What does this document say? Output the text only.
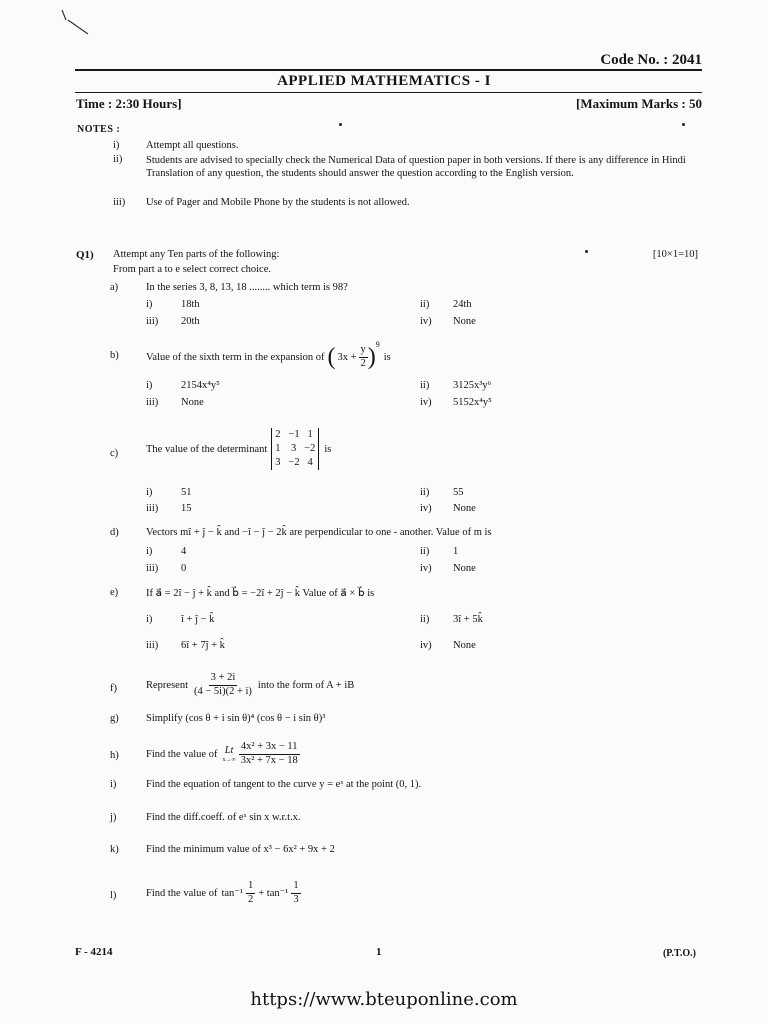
Code No. : 2041
APPLIED MATHEMATICS - I
Time : 2:30 Hours]	[Maximum Marks : 50
NOTES :
i)	Attempt all questions.
ii) Students are advised to specially check the Numerical Data of question paper in both versions. If there is any difference in Hindi Translation of any question, the students should answer the question according to the English version.
iii) Use of Pager and Mobile Phone by the students is not allowed.
Q1) Attempt any Ten parts of the following:
From part a to e select correct choice.
[10×1=10]
a)	In the series 3, 8, 13, 18 ........ which term is 98?
i)	18th	ii) 24th
iii) 20th	iv) None
b)	Value of the sixth term in the expansion of ( $3x + \frac{y}{2} )^9$
is
i)	2154x⁴y⁵	ii) 3125x³y⁶
iii) None	iv) 5152x⁴y⁵
c)	The value of the determinant
2   −1   1
1    3   −2
3   −2   4
is
i)	51	ii) 55
iii) 15	iv) None
d)	Vectors mî + ĵ − k̂ and −î − ĵ − 2k̂ are perpendicular to one - another. Value of m is
i)	4	ii) 1
iii) 0	iv) None
e)	If a⃗ = 2î − ĵ + k̂ and b⃗ = −2î + 2ĵ − k̂ Value of a⃗ × b⃗ is
i)	î + ĵ − k̂	ii) 3î + 5k̂
iii) 6î + 7ĵ + k̂	iv) None
f)	Represent $\frac{3 + 2i}{(4 - 5i)(2 + i)}$ into the form of A + iB
g)	Simplify (cos θ + i sin θ)⁴ (cos θ − i sin θ)³
h)	Find the value of Lt
$x\to\infty \frac{\text{4x² + 3x − 11}}{\text{3x² + 7x − 18}}$
i)	Find the equation of tangent to the curve y = eˣ at the point (0, 1).
j)	Find the diff.coeff. of eˣ sin x w.r.t.x.
k)	Find the minimum value of x³ − 6x² + 9x + 2
l)	Find the value of $\tan^{-1} \frac{1}{2} + \tan^{-1} \frac{1}{3}$
F - 4214	1	(P.T.O.)
https://www.bteuponline.com
